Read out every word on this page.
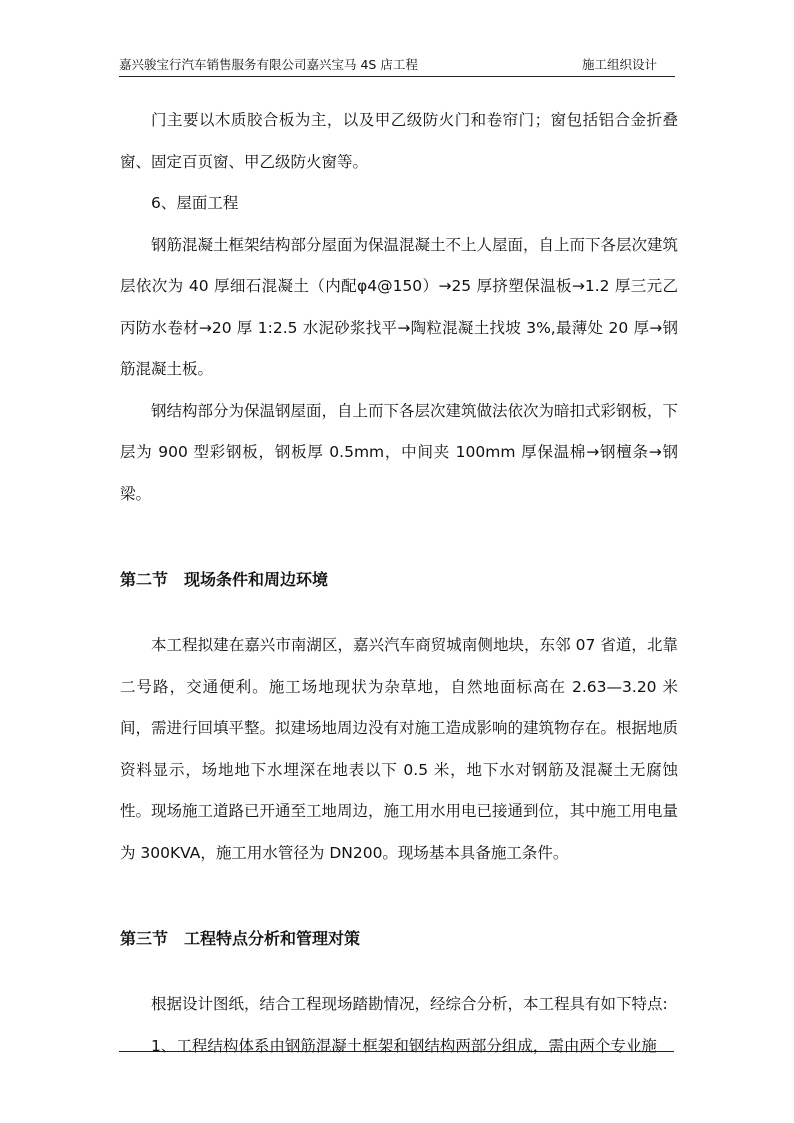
嘉兴骏宝行汽车销售服务有限公司嘉兴宝马 4S 店工程	施工组织设计

门主要以木质胶合板为主，以及甲乙级防火门和卷帘门；窗包括铝合金折叠窗、固定百页窗、甲乙级防火窗等。

6、屋面工程

钢筋混凝土框架结构部分屋面为保温混凝土不上人屋面，自上而下各层次建筑层依次为 40 厚细石混凝土（内配φ4@150）→25 厚挤塑保温板→1.2 厚三元乙丙防水卷材→20 厚 1:2.5 水泥砂浆找平→陶粒混凝土找坡 3%,最薄处 20 厚→钢筋混凝土板。

钢结构部分为保温钢屋面，自上而下各层次建筑做法依次为暗扣式彩钢板，下层为 900 型彩钢板，钢板厚 0.5mm，中间夹 100mm 厚保温棉→钢檀条→钢梁。

第二节　现场条件和周边环境

本工程拟建在嘉兴市南湖区，嘉兴汽车商贸城南侧地块，东邻 07 省道，北靠二号路，交通便利。施工场地现状为杂草地，自然地面标高在 2.63—3.20 米间，需进行回填平整。拟建场地周边没有对施工造成影响的建筑物存在。根据地质资料显示，场地地下水埋深在地表以下 0.5 米，地下水对钢筋及混凝土无腐蚀性。现场施工道路已开通至工地周边，施工用水用电已接通到位，其中施工用电量为 300KVA，施工用水管径为 DN200。现场基本具备施工条件。

第三节　工程特点分析和管理对策

根据设计图纸，结合工程现场踏勘情况，经综合分析，本工程具有如下特点:

1、工程结构体系由钢筋混凝土框架和钢结构两部分组成，需由两个专业施
